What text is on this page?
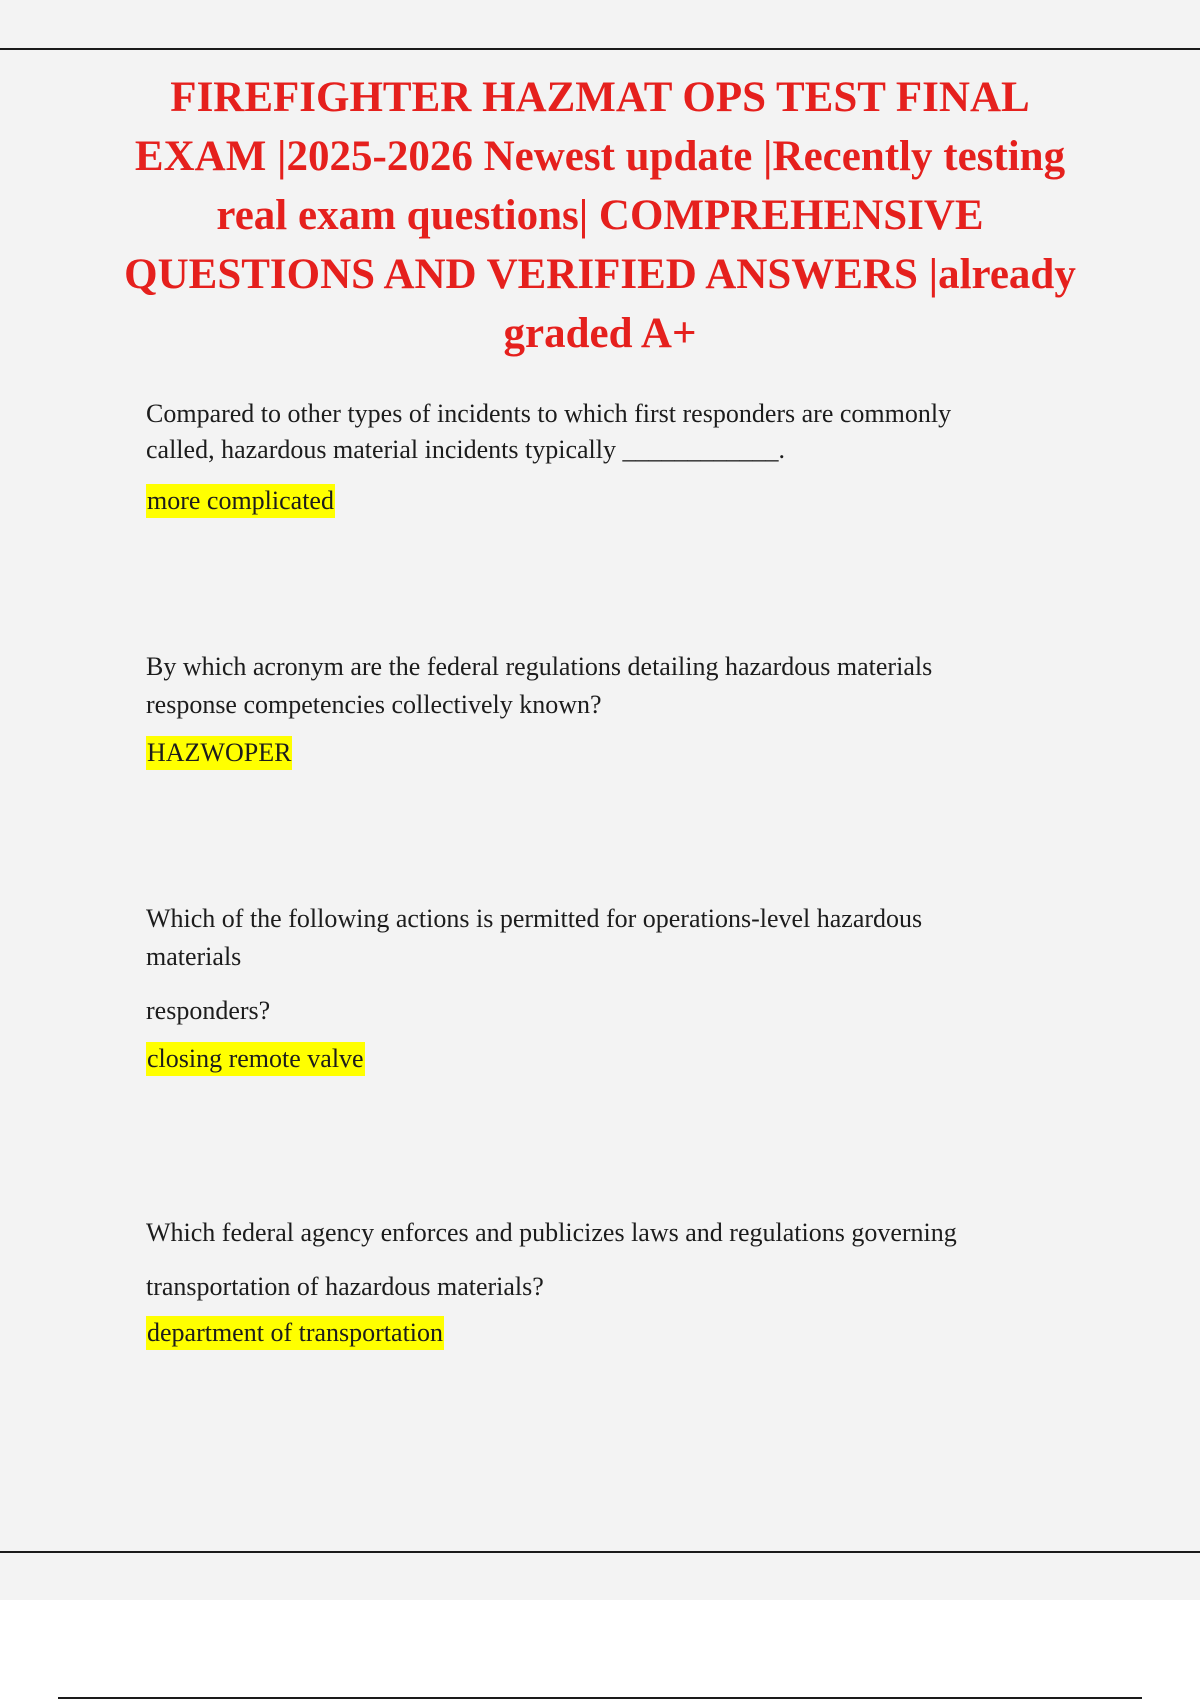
FIREFIGHTER HAZMAT OPS TEST FINAL EXAM |2025-2026 Newest update |Recently testing real exam questions| COMPREHENSIVE QUESTIONS AND VERIFIED ANSWERS |already graded A+

Compared to other types of incidents to which first responders are commonly
called, hazardous material incidents typically ____________.

more complicated

By which acronym are the federal regulations detailing hazardous materials
response competencies collectively known?

HAZWOPER

Which of the following actions is permitted for operations-level hazardous
materials
responders?

closing remote valve

Which federal agency enforces and publicizes laws and regulations governing
transportation of hazardous materials?

department of transportation
